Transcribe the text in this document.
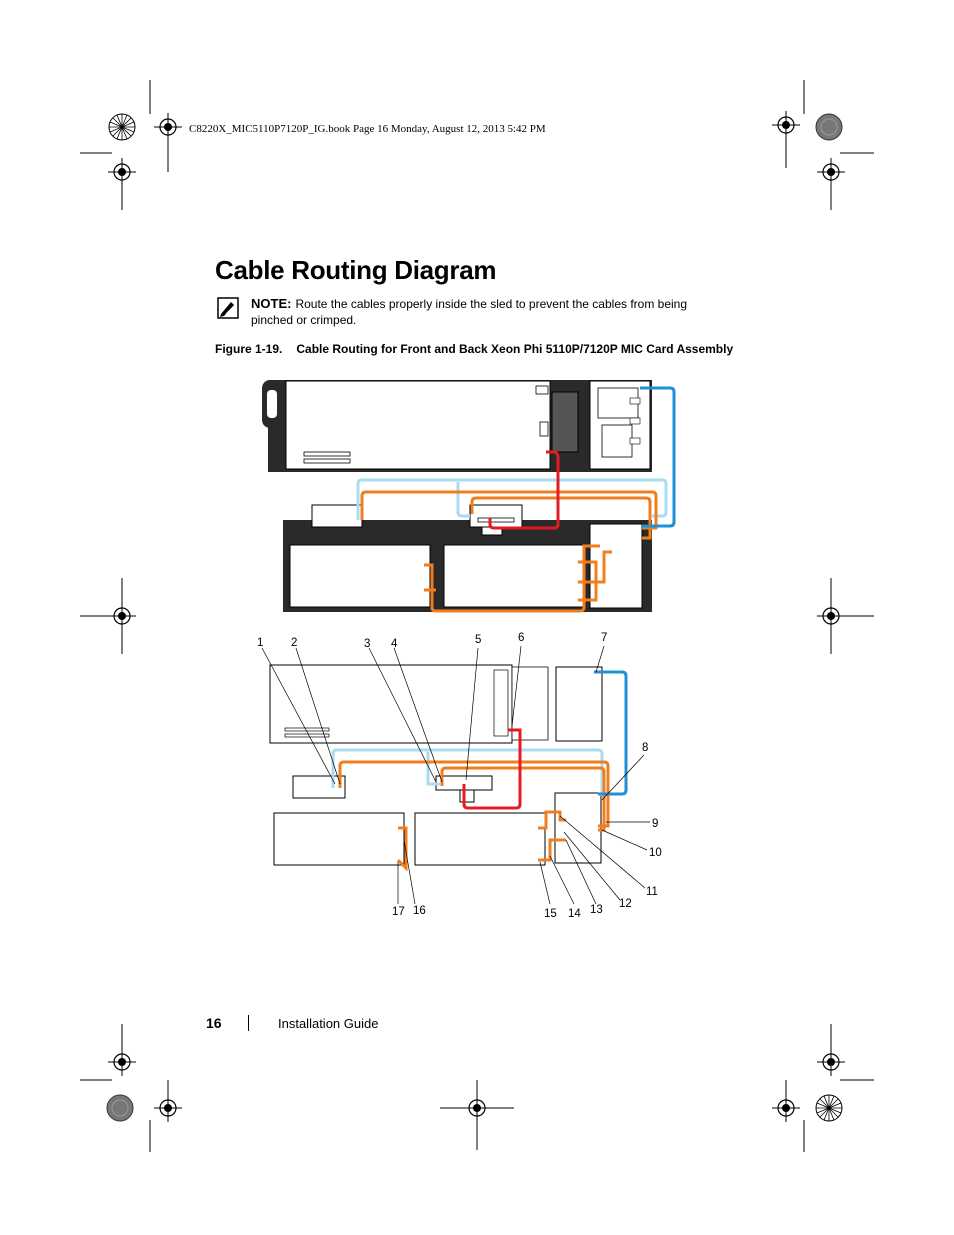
C8220X_MIC5110P7120P_IG.book Page 16 Monday, August 12, 2013 5:42 PM
Cable Routing Diagram
NOTE: Route the cables properly inside the sled to prevent the cables from being pinched or crimped.
Figure 1-19. Cable Routing for Front and Back Xeon Phi 5110P/7120P MIC Card Assembly
1 2	3 4	5	6	7
8
9
10
11
12
13
14
15
16
17
16	Installation Guide
